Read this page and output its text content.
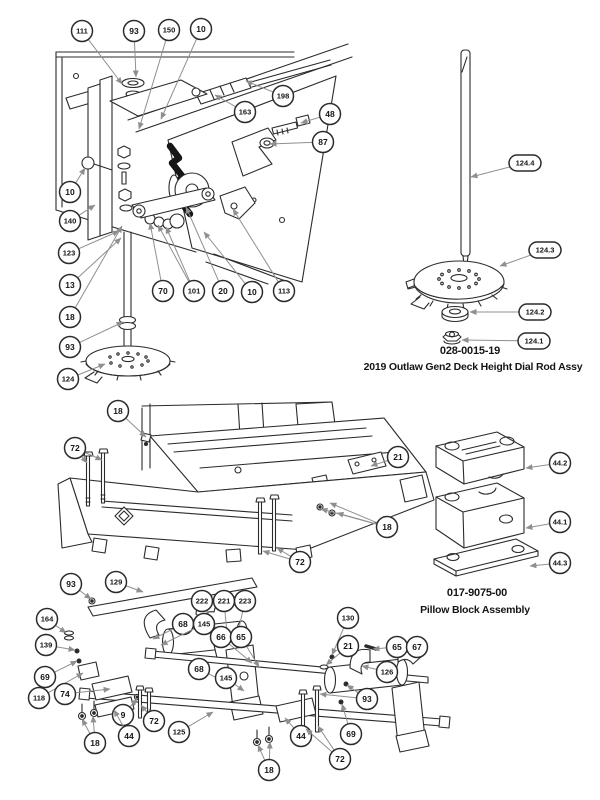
028-0015-19
2019 Outlaw Gen2 Deck Height Dial Rod Assy
017-9075-00
Pillow Block Assembly
111	93	150 10
198
163	48
87
10
140
123
13
18
93
124
70	101 20 10	113
124.4
124.3
124.2
124.1
44.2
44.1
44.3
18
72
21
18
72
93	129
222 221 223
164	68 145
66 65
139
130
21	65 67
69
68
145
126
118 74	93
9
72
125
44	69
44
18
72
18
